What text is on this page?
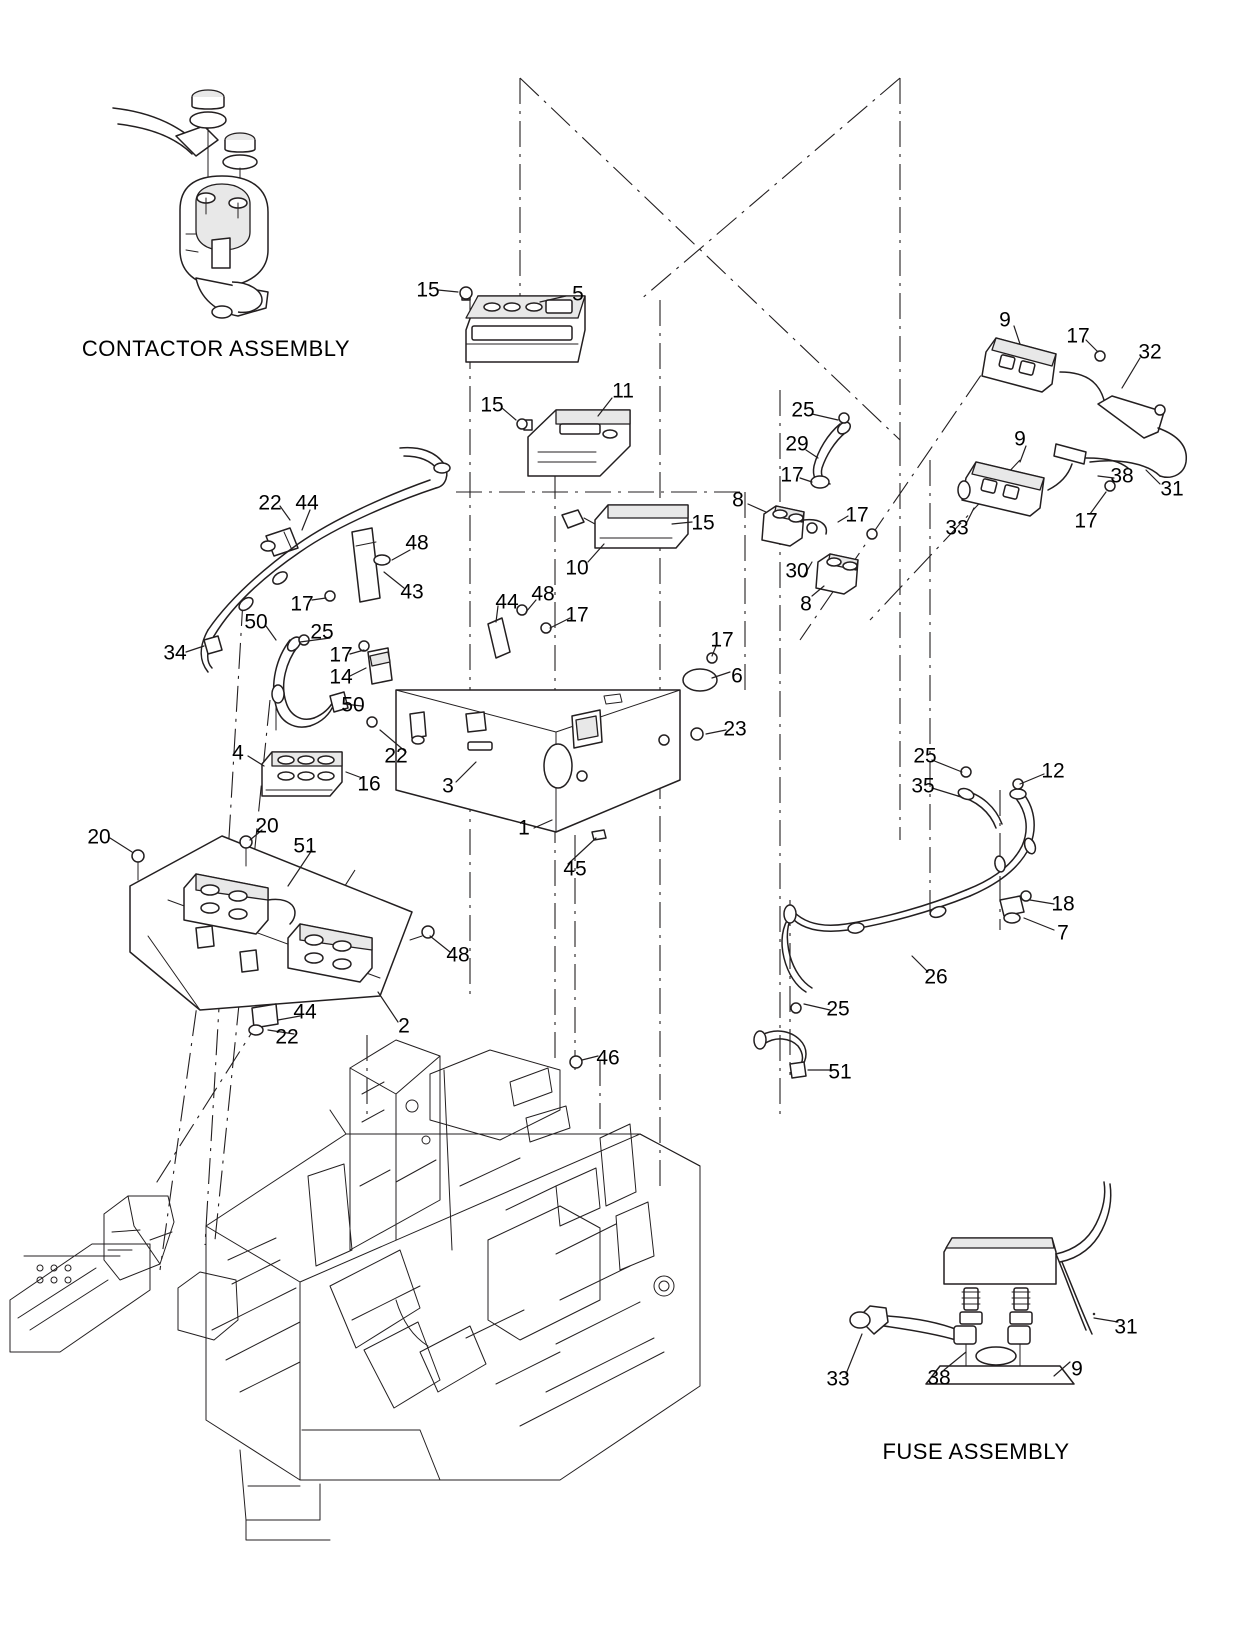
15	5
9
17
32
15
11
25
29
17
9
31
38
22 44	8
17
15	33	17
48
10	30
17
43
8
44 48
17
50 25
17
17
6
34
14
50
22
23
4
16	3
25
12
35
20	1
45
20	51
18
7
48
26
2
44
22
25
46
51
31
33	38	9
CONTACTOR ASSEMBLY
FUSE ASSEMBLY
